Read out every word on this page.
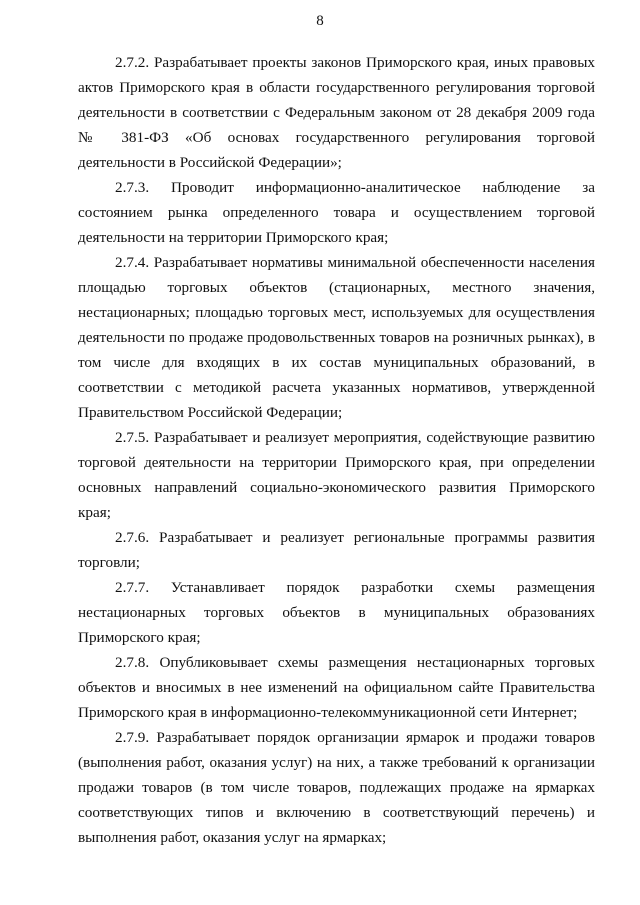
8

2.7.2. Разрабатывает проекты законов Приморского края, иных правовых актов Приморского края в области государственного регулирования торговой деятельности в соответствии с Федеральным законом от 28 декабря 2009 года № 381-ФЗ «Об основах государственного регулирования торговой деятельности в Российской Федерации»;

2.7.3. Проводит информационно-аналитическое наблюдение за состоянием рынка определенного товара и осуществлением торговой деятельности на территории Приморского края;

2.7.4. Разрабатывает нормативы минимальной обеспеченности населения площадью торговых объектов (стационарных, местного значения, нестационарных; площадью торговых мест, используемых для осуществления деятельности по продаже продовольственных товаров на розничных рынках), в том числе для входящих в их состав муниципальных образований, в соответствии с методикой расчета указанных нормативов, утвержденной Правительством Российской Федерации;

2.7.5. Разрабатывает и реализует мероприятия, содействующие развитию торговой деятельности на территории Приморского края, при определении основных направлений социально-экономического развития Приморского края;

2.7.6. Разрабатывает и реализует региональные программы развития торговли;

2.7.7. Устанавливает порядок разработки схемы размещения нестационарных торговых объектов в муниципальных образованиях Приморского края;

2.7.8. Опубликовывает схемы размещения нестационарных торговых объектов и вносимых в нее изменений на официальном сайте Правительства Приморского края в информационно-телекоммуникационной сети Интернет;

2.7.9. Разрабатывает порядок организации ярмарок и продажи товаров (выполнения работ, оказания услуг) на них, а также требований к организации продажи товаров (в том числе товаров, подлежащих продаже на ярмарках соответствующих типов и включению в соответствующий перечень) и выполнения работ, оказания услуг на ярмарках;
